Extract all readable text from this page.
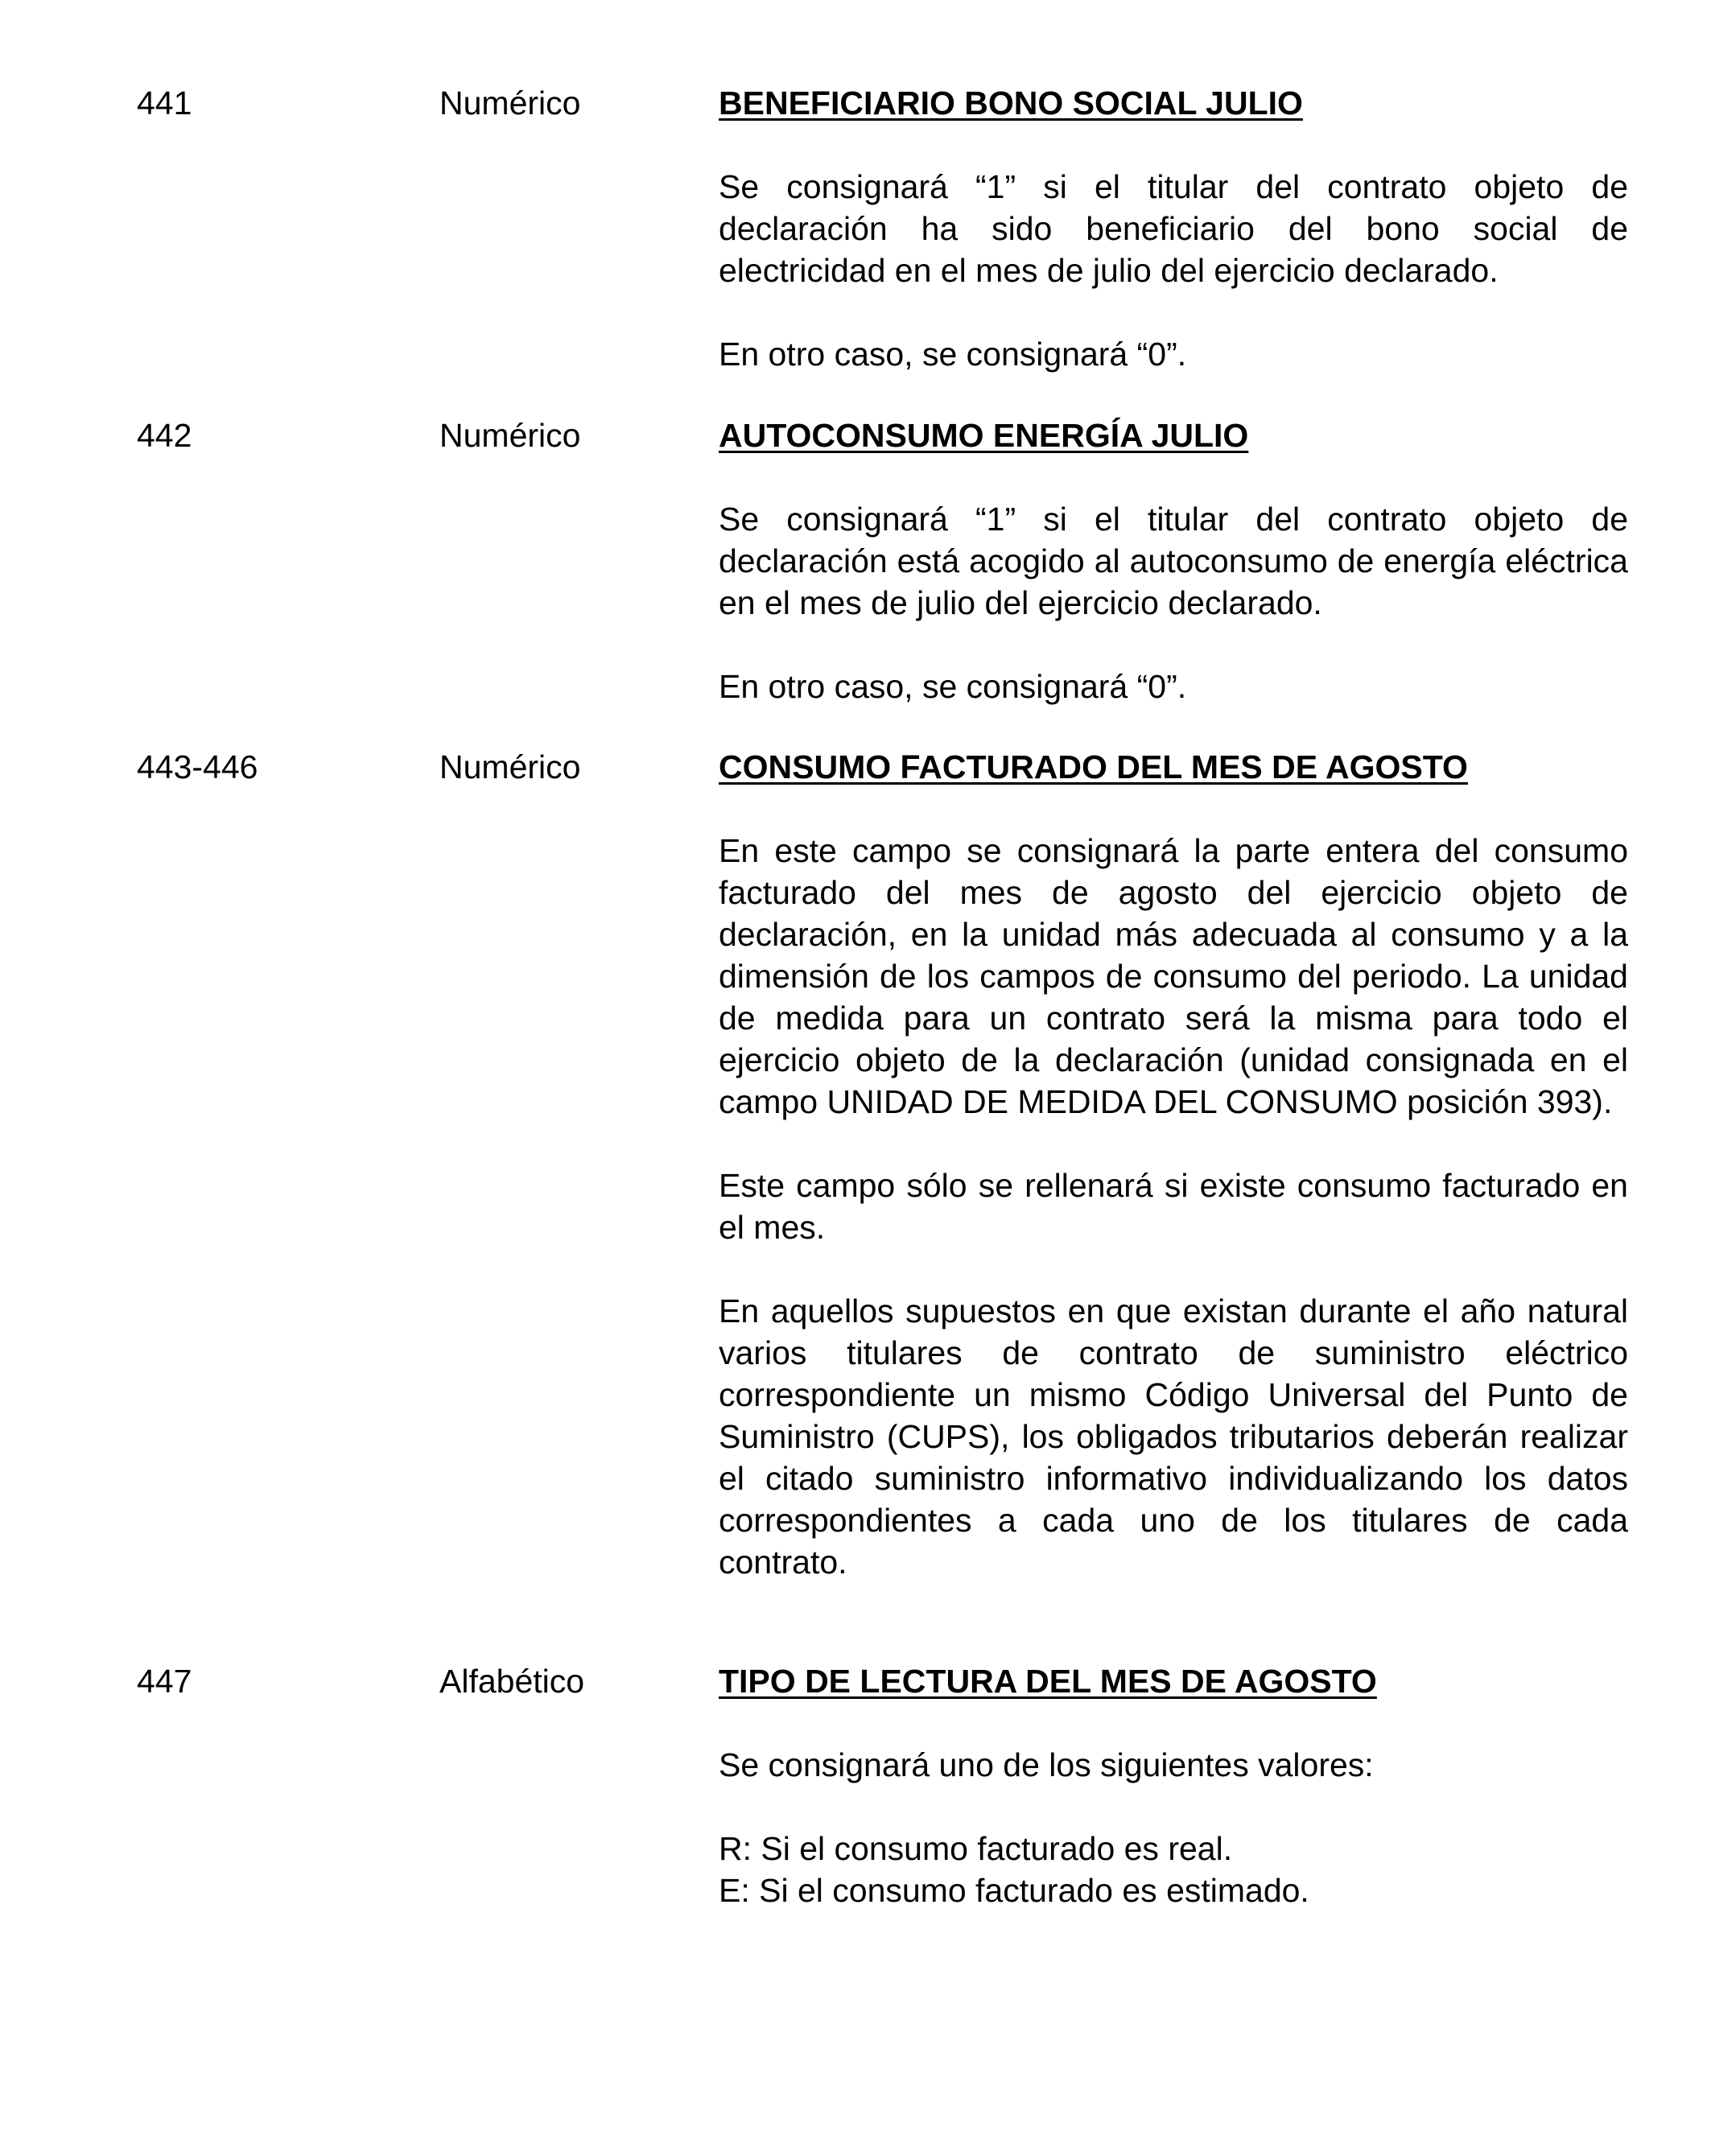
441	Numérico	BENEFICIARIO BONO SOCIAL JULIO

Se consignará “1” si el titular del contrato objeto de declaración ha sido beneficiario del bono social de electricidad en el mes de julio del ejercicio declarado.

En otro caso, se consignará “0”.

442	Numérico	AUTOCONSUMO ENERGÍA JULIO

Se consignará “1” si el titular del contrato objeto de declaración está acogido al autoconsumo de energía eléctrica en el mes de julio del ejercicio declarado.

En otro caso, se consignará “0”.

443-446	Numérico	CONSUMO FACTURADO DEL MES DE AGOSTO

En este campo se consignará la parte entera del consumo facturado del mes de agosto del ejercicio objeto de declaración, en la unidad más adecuada al consumo y a la dimensión de los campos de consumo del periodo. La unidad de medida para un contrato será la misma para todo el ejercicio objeto de la declaración (unidad consignada en el campo UNIDAD DE MEDIDA DEL CONSUMO posición 393).

Este campo sólo se rellenará si existe consumo facturado en el mes.

En aquellos supuestos en que existan durante el año natural varios titulares de contrato de suministro eléctrico correspondiente un mismo Código Universal del Punto de Suministro (CUPS), los obligados tributarios deberán realizar el citado suministro informativo individualizando los datos correspondientes a cada uno de los titulares de cada contrato.

447	Alfabético	TIPO DE LECTURA DEL MES DE AGOSTO

Se consignará uno de los siguientes valores:

R: Si el consumo facturado es real.
E: Si el consumo facturado es estimado.
